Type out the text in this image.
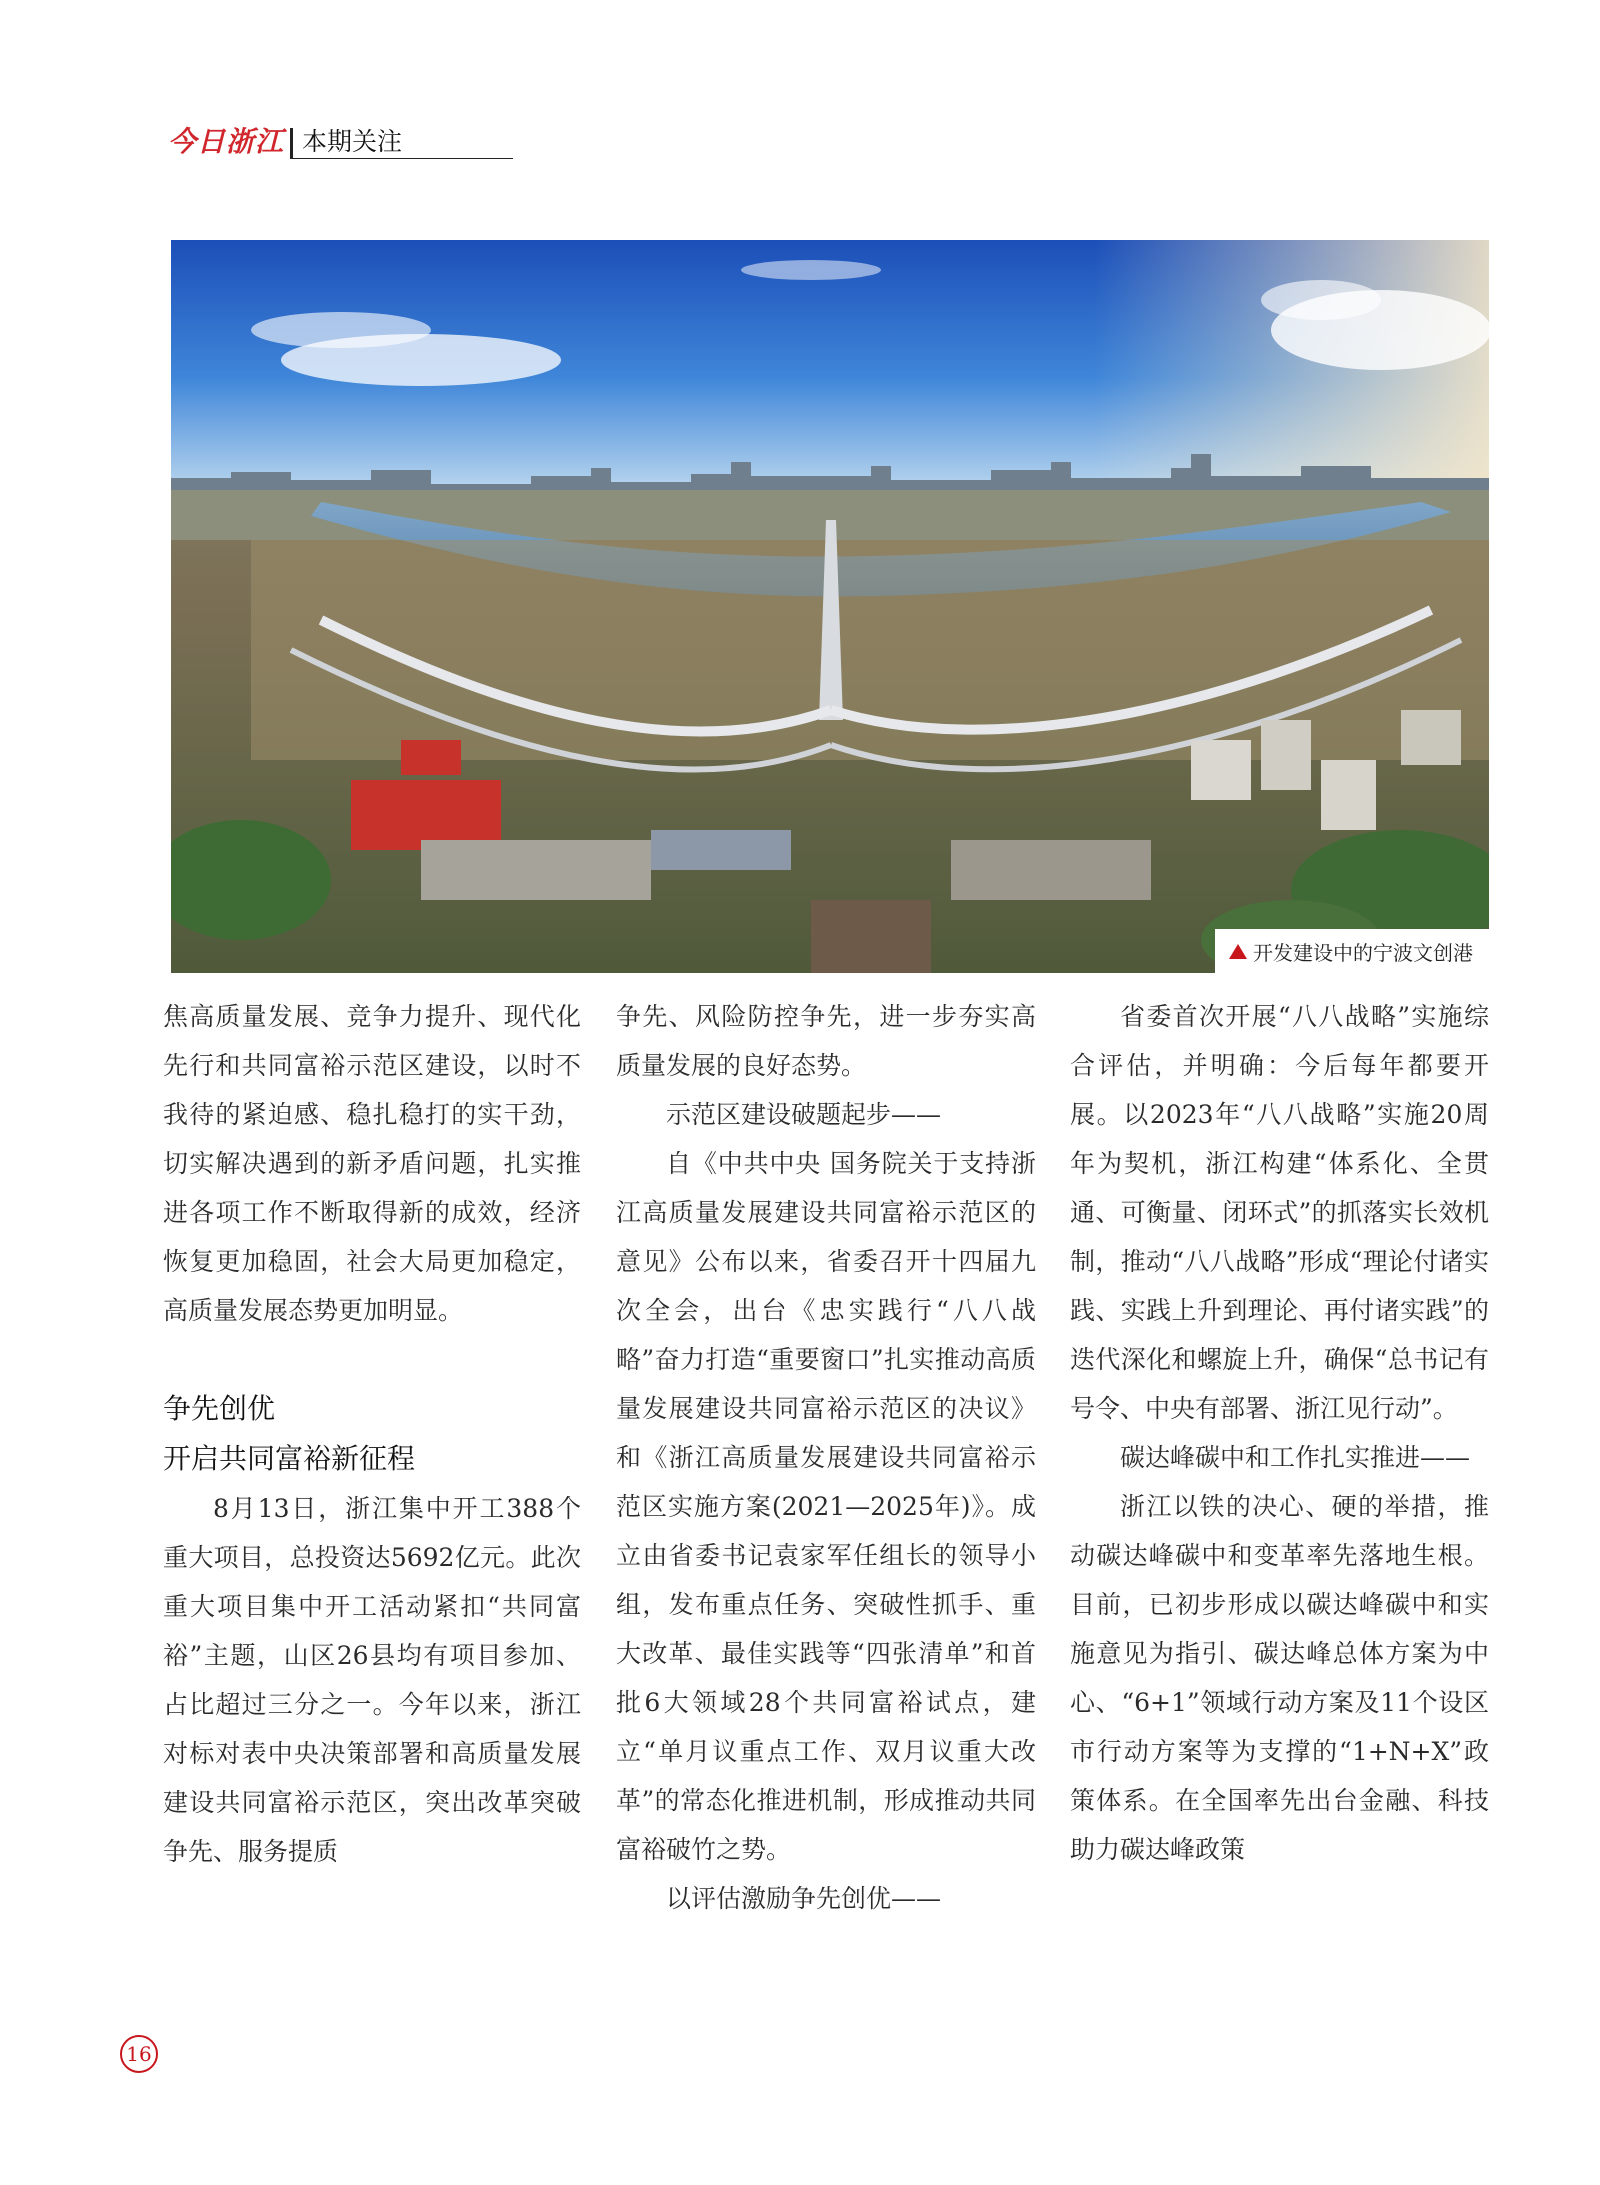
今日浙江 本期关注
开发建设中的宁波文创港

焦高质量发展、竞争力提升、现代化先行和共同富裕示范区建设，以时不我待的紧迫感、稳扎稳打的实干劲，切实解决遇到的新矛盾问题，扎实推进各项工作不断取得新的成效，经济恢复更加稳固，社会大局更加稳定，高质量发展态势更加明显。

争先创优

开启共同富裕新征程

8月13日，浙江集中开工388个重大项目，总投资达5692亿元。此次重大项目集中开工活动紧扣“共同富裕”主题，山区26县均有项目参加、占比超过三分之一。今年以来，浙江对标对表中央决策部署和高质量发展建设共同富裕示范区，突出改革突破争先、服务提质

争先、风险防控争先，进一步夯实高质量发展的良好态势。

示范区建设破题起步——

自《中共中央 国务院关于支持浙江高质量发展建设共同富裕示范区的意见》公布以来，省委召开十四届九次全会，出台《忠实践行“八八战略”奋力打造“重要窗口”扎实推动高质量发展建设共同富裕示范区的决议》和《浙江高质量发展建设共同富裕示范区实施方案(2021—2025年)》。成立由省委书记袁家军任组长的领导小组，发布重点任务、突破性抓手、重大改革、最佳实践等“四张清单”和首批6大领域28个共同富裕试点，建立“单月议重点工作、双月议重大改革”的常态化推进机制，形成推动共同富裕破竹之势。

以评估激励争先创优——

省委首次开展“八八战略”实施综合评估，并明确：今后每年都要开展。以2023年“八八战略”实施20周年为契机，浙江构建“体系化、全贯通、可衡量、闭环式”的抓落实长效机制，推动“八八战略”形成“理论付诸实践、实践上升到理论、再付诸实践”的迭代深化和螺旋上升，确保“总书记有号令、中央有部署、浙江见行动”。

碳达峰碳中和工作扎实推进——

浙江以铁的决心、硬的举措，推动碳达峰碳中和变革率先落地生根。目前，已初步形成以碳达峰碳中和实施意见为指引、碳达峰总体方案为中心、“6+1”领域行动方案及11个设区市行动方案等为支撑的“1+N+X”政策体系。在全国率先出台金融、科技助力碳达峰政策

16
